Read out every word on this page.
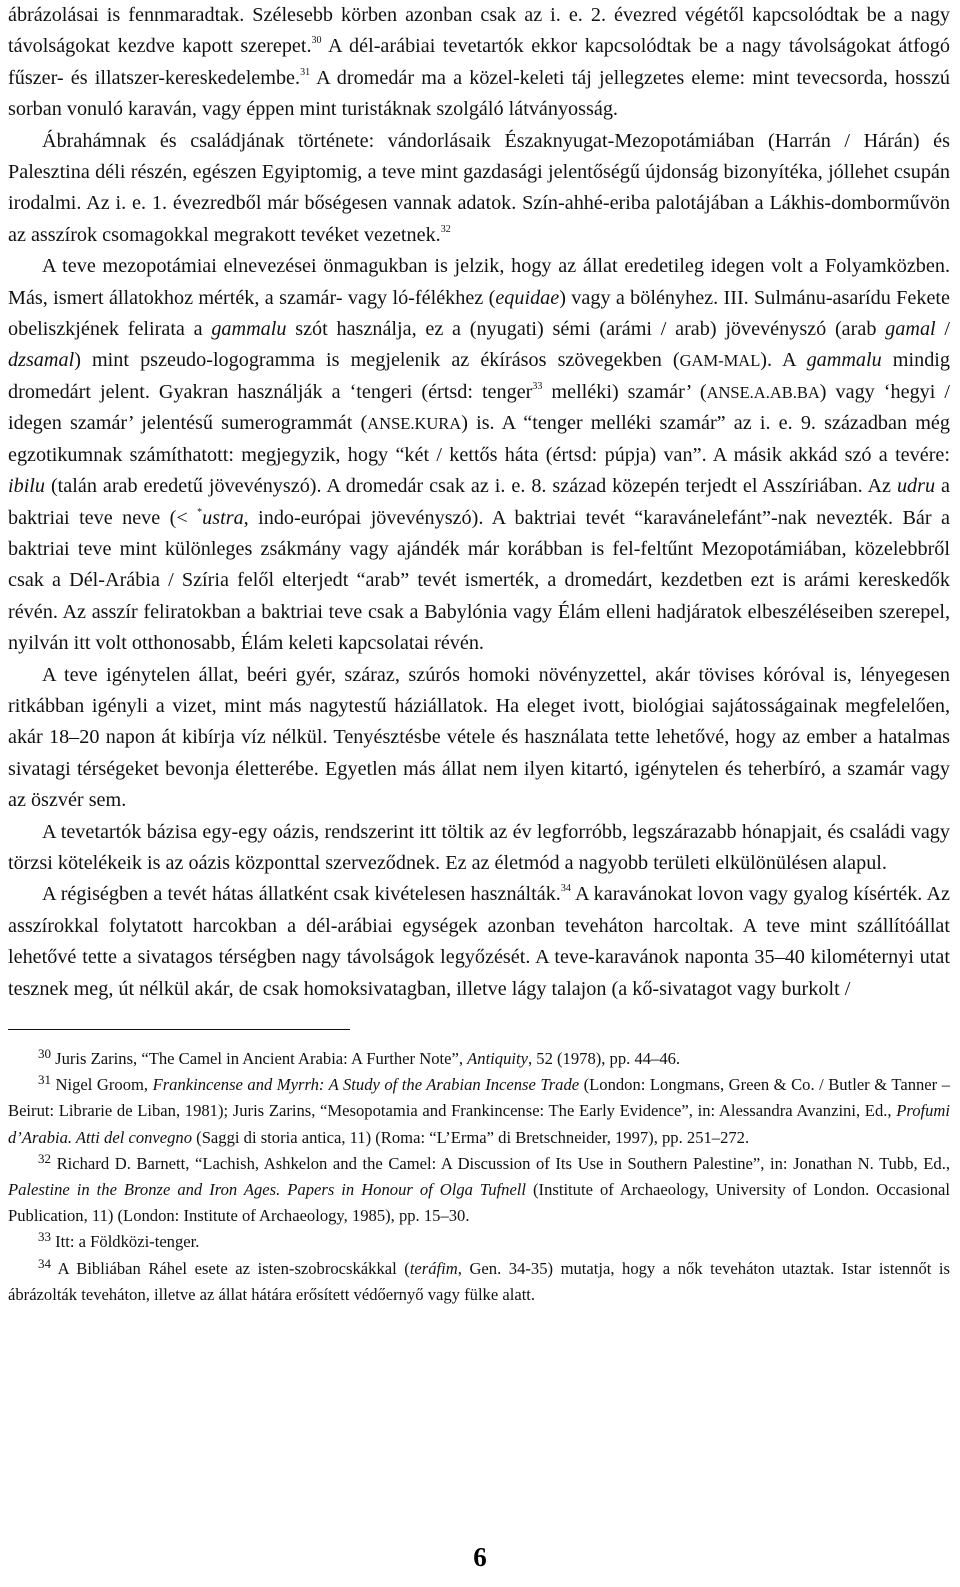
ábrázolásai is fennmaradtak. Szélesebb körben azonban csak az i. e. 2. évezred végétől kapcsolódtak be a nagy távolságokat kezdve kapott szerepet.$^{30}$ A dél-arábiai tevetartók ekkor kapcsolódtak be a nagy távolságokat átfogó fűszer- és illatszer-kereskedelembe.$^{31}$ A dromedár ma a közel-keleti táj jellegzetes eleme: mint tevecsorda, hosszú sorban vonuló karaván, vagy éppen mint turistáknak szolgáló látványosság.

Ábrahámnak és családjának története: vándorlásaik Északnyugat-Mezopotámiában (Harrán / Hárán) és Palesztina déli részén, egészen Egyiptomig, a teve mint gazdasági jelentőségű újdonság bizonyítéka, jóllehet csupán irodalmi. Az i. e. 1. évezredből már bőségesen vannak adatok. Szín-ahhé-eriba palotájában a Lákhis-domborművön az asszírok csomagokkal megrakott tevéket vezetnek.$^{32}$

A teve mezopotámiai elnevezései önmagukban is jelzik, hogy az állat eredetileg idegen volt a Folyamközben. Más, ismert állatokhoz mérték, a szamár- vagy ló-félékhez (equidae) vagy a bölényhez. III. Sulmánu-asarídu Fekete obeliszkjének felirata a gammalu szót használja, ez a (nyugati) sémi (arámi / arab) jövevényszó (arab gamal / dzsamal) mint pszeudo-logogramma is megjelenik az ékírásos szövegekben (GAM-MAL). A gammalu mindig dromedárt jelent. Gyakran használják a ‘tengeri (értsd: tenger$^{33}$ melléki) szamár’ (ANSE.A.AB.BA) vagy ‘hegyi / idegen szamár’ jelentésű sumerogrammát (ANSE.KURA) is. A “tenger melléki szamár” az i. e. 9. században még egzotikumnak számíthatott: megjegyzik, hogy “két / kettős háta (értsd: púpja) van”. A másik akkád szó a tevére: ibilu (talán arab eredetű jövevényszó). A dromedár csak az i. e. 8. század közepén terjedt el Asszíriában. Az udru a baktriai teve neve (< *ustra, indo-európai jövevényszó). A baktriai tevét “karavánelefánt”-nak nevezték. Bár a baktriai teve mint különleges zsákmány vagy ajándék már korábban is fel-feltűnt Mezopotámiában, közelebbről csak a Dél-Arábia / Szíria felől elterjedt “arab” tevét ismerték, a dromedárt, kezdetben ezt is arámi kereskedők révén. Az asszír feliratokban a baktriai teve csak a Babylónia vagy Élám elleni hadjáratok elbeszéléseiben szerepel, nyilván itt volt otthonosabb, Élám keleti kapcsolatai révén.

A teve igénytelen állat, beéri gyér, száraz, szúrós homoki növényzettel, akár tövises kóróval is, lényegesen ritkábban igényli a vizet, mint más nagytestű háziállatok. Ha eleget ivott, biológiai sajátosságainak megfelelően, akár 18–20 napon át kibírja víz nélkül. Tenyésztésbe vétele és használata tette lehetővé, hogy az ember a hatalmas sivatagi térségeket bevonja életterébe. Egyetlen más állat nem ilyen kitartó, igénytelen és teherbíró, a szamár vagy az öszvér sem.

A tevetartók bázisa egy-egy oázis, rendszerint itt töltik az év legforróbb, legszárazabb hónapjait, és családi vagy törzsi kötelékeik is az oázis központtal szerveződnek. Ez az életmód a nagyobb területi elkülönülésen alapul.

A régiségben a tevét hátas állatként csak kivételesen használták.$^{34}$ A karavánokat lovon vagy gyalog kísérték. Az asszírokkal folytatott harcokban a dél-arábiai egységek azonban teveháton harcoltak. A teve mint szállítóállat lehetővé tette a sivatagos térségben nagy távolságok legyőzését. A teve-karavánok naponta 35–40 kilométernyi utat tesznek meg, út nélkül akár, de csak homoksivatagban, illetve lágy talajon (a kő-sivatagot vagy burkolt /

$^{30}$ Juris Zarins, “The Camel in Ancient Arabia: A Further Note”, Antiquity, 52 (1978), pp. 44–46.

$^{31}$ Nigel Groom, Frankincense and Myrrh: A Study of the Arabian Incense Trade (London: Longmans, Green & Co. / Butler & Tanner – Beirut: Librarie de Liban, 1981); Juris Zarins, “Mesopotamia and Frankincense: The Early Evidence”, in: Alessandra Avanzini, Ed., Profumi d’Arabia. Atti del convegno (Saggi di storia antica, 11) (Roma: “L’Erma” di Bretschneider, 1997), pp. 251–272.

$^{32}$ Richard D. Barnett, “Lachish, Ashkelon and the Camel: A Discussion of Its Use in Southern Palestine”, in: Jonathan N. Tubb, Ed., Palestine in the Bronze and Iron Ages. Papers in Honour of Olga Tufnell (Institute of Archaeology, University of London. Occasional Publication, 11) (London: Institute of Archaeology, 1985), pp. 15–30.

$^{33}$ Itt: a Földközi-tenger.

$^{34}$ A Bibliában Ráhel esete az isten-szobrocskákkal (teráfim, Gen. 34-35) mutatja, hogy a nők teveháton utaztak. Istar istennőt is ábrázolták teveháton, illetve az állat hátára erősített védőernyő vagy fülke alatt.

6
